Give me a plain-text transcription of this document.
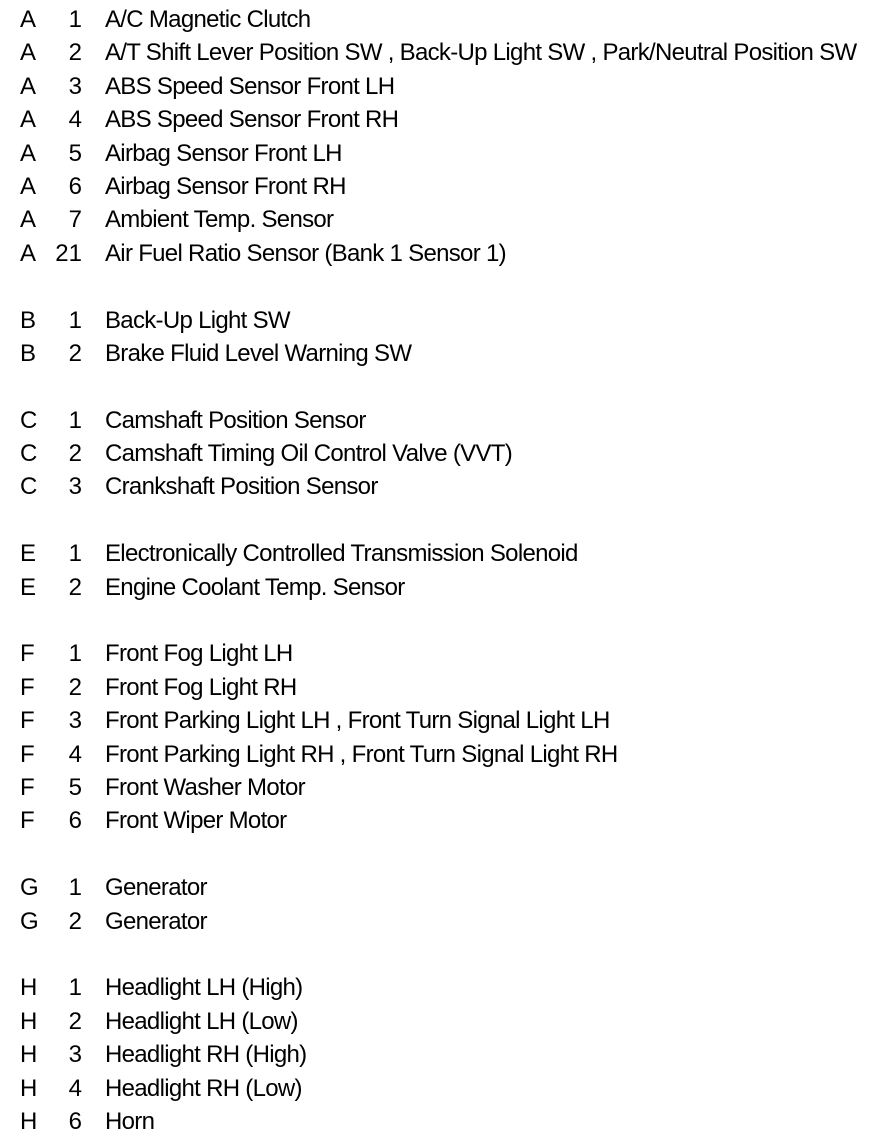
A	1 A/C Magnetic Clutch
A	2 A/T Shift Lever Position SW , Back-Up Light SW , Park/Neutral Position SW
A	3 ABS Speed Sensor Front LH
A	4 ABS Speed Sensor Front RH
A	5 Airbag Sensor Front LH
A	6 Airbag Sensor Front RH
A	7 Ambient Temp. Sensor
A 21 Air Fuel Ratio Sensor (Bank 1 Sensor 1)
B	1 Back-Up Light SW
B	2 Brake Fluid Level Warning SW
C	1 Camshaft Position Sensor
C	2 Camshaft Timing Oil Control Valve (VVT)
C	3 Crankshaft Position Sensor
E	1 Electronically Controlled Transmission Solenoid
E	2 Engine Coolant Temp. Sensor
F	1 Front Fog Light LH
F	2 Front Fog Light RH
F	3 Front Parking Light LH , Front Turn Signal Light LH
F	4 Front Parking Light RH , Front Turn Signal Light RH
F	5 Front Washer Motor
F	6 Front Wiper Motor
G	1 Generator
G	2 Generator
H	1 Headlight LH (High)
H	2 Headlight LH (Low)
H	3 Headlight RH (High)
H	4 Headlight RH (Low)
H	6 Horn
